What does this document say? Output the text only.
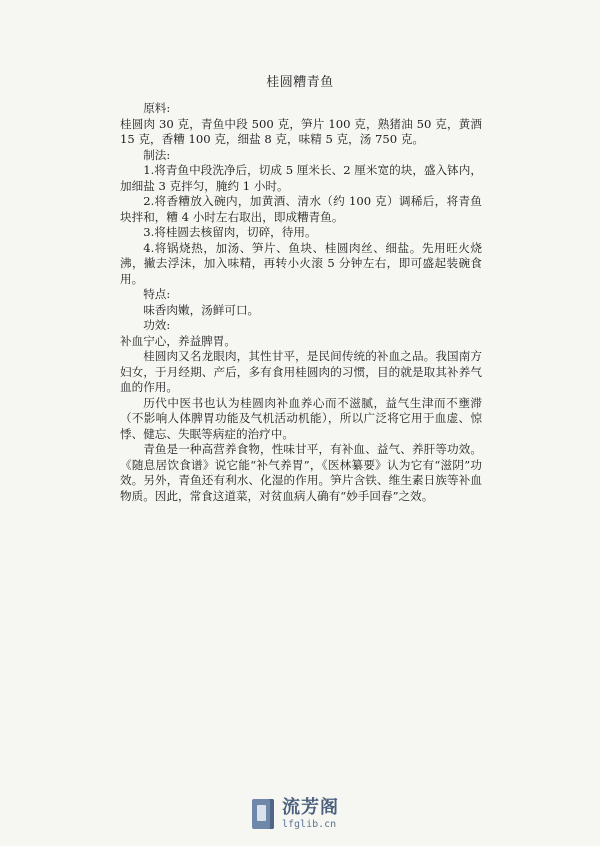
桂圆糟青鱼

原料:

桂圆肉 30 克，青鱼中段 500 克，笋片 100 克，熟猪油 50 克，黄酒 15 克，香糟 100 克，细盐 8 克，味精 5 克，汤 750 克。

制法:

1.将青鱼中段洗净后，切成 5 厘米长、2 厘米宽的块，盛入钵内，加细盐 3 克拌匀，腌约 1 小时。

2.将香糟放入碗内，加黄酒、清水（约 100 克）调稀后，将青鱼块拌和，糟 4 小时左右取出，即成糟青鱼。

3.将桂圆去核留肉，切碎，待用。

4.将锅烧热，加汤、笋片、鱼块、桂圆肉丝、细盐。先用旺火烧沸，撇去浮沫，加入味精，再转小火滚 5 分钟左右，即可盛起装碗食用。

特点:

味香肉嫩，汤鲜可口。

功效:

补血宁心，养益脾胃。

桂圆肉又名龙眼肉，其性甘平，是民间传统的补血之品。我国南方妇女，于月经期、产后，多有食用桂圆肉的习惯，目的就是取其补养气血的作用。

历代中医书也认为桂圆肉补血养心而不滋腻，益气生津而不壅滞（不影响人体脾胃功能及气机活动机能），所以广泛将它用于血虚、惊悸、健忘、失眠等病症的治疗中。

青鱼是一种高营养食物，性味甘平，有补血、益气、养肝等功效。《随息居饮食谱》说它能“补气养胃”，《医林纂要》认为它有“滋阴”功效。另外，青鱼还有利水、化湿的作用。笋片含铁、维生素日族等补血物质。因此，常食这道菜，对贫血病人确有“妙手回春”之效。

流芳阁
lfglib.cn
